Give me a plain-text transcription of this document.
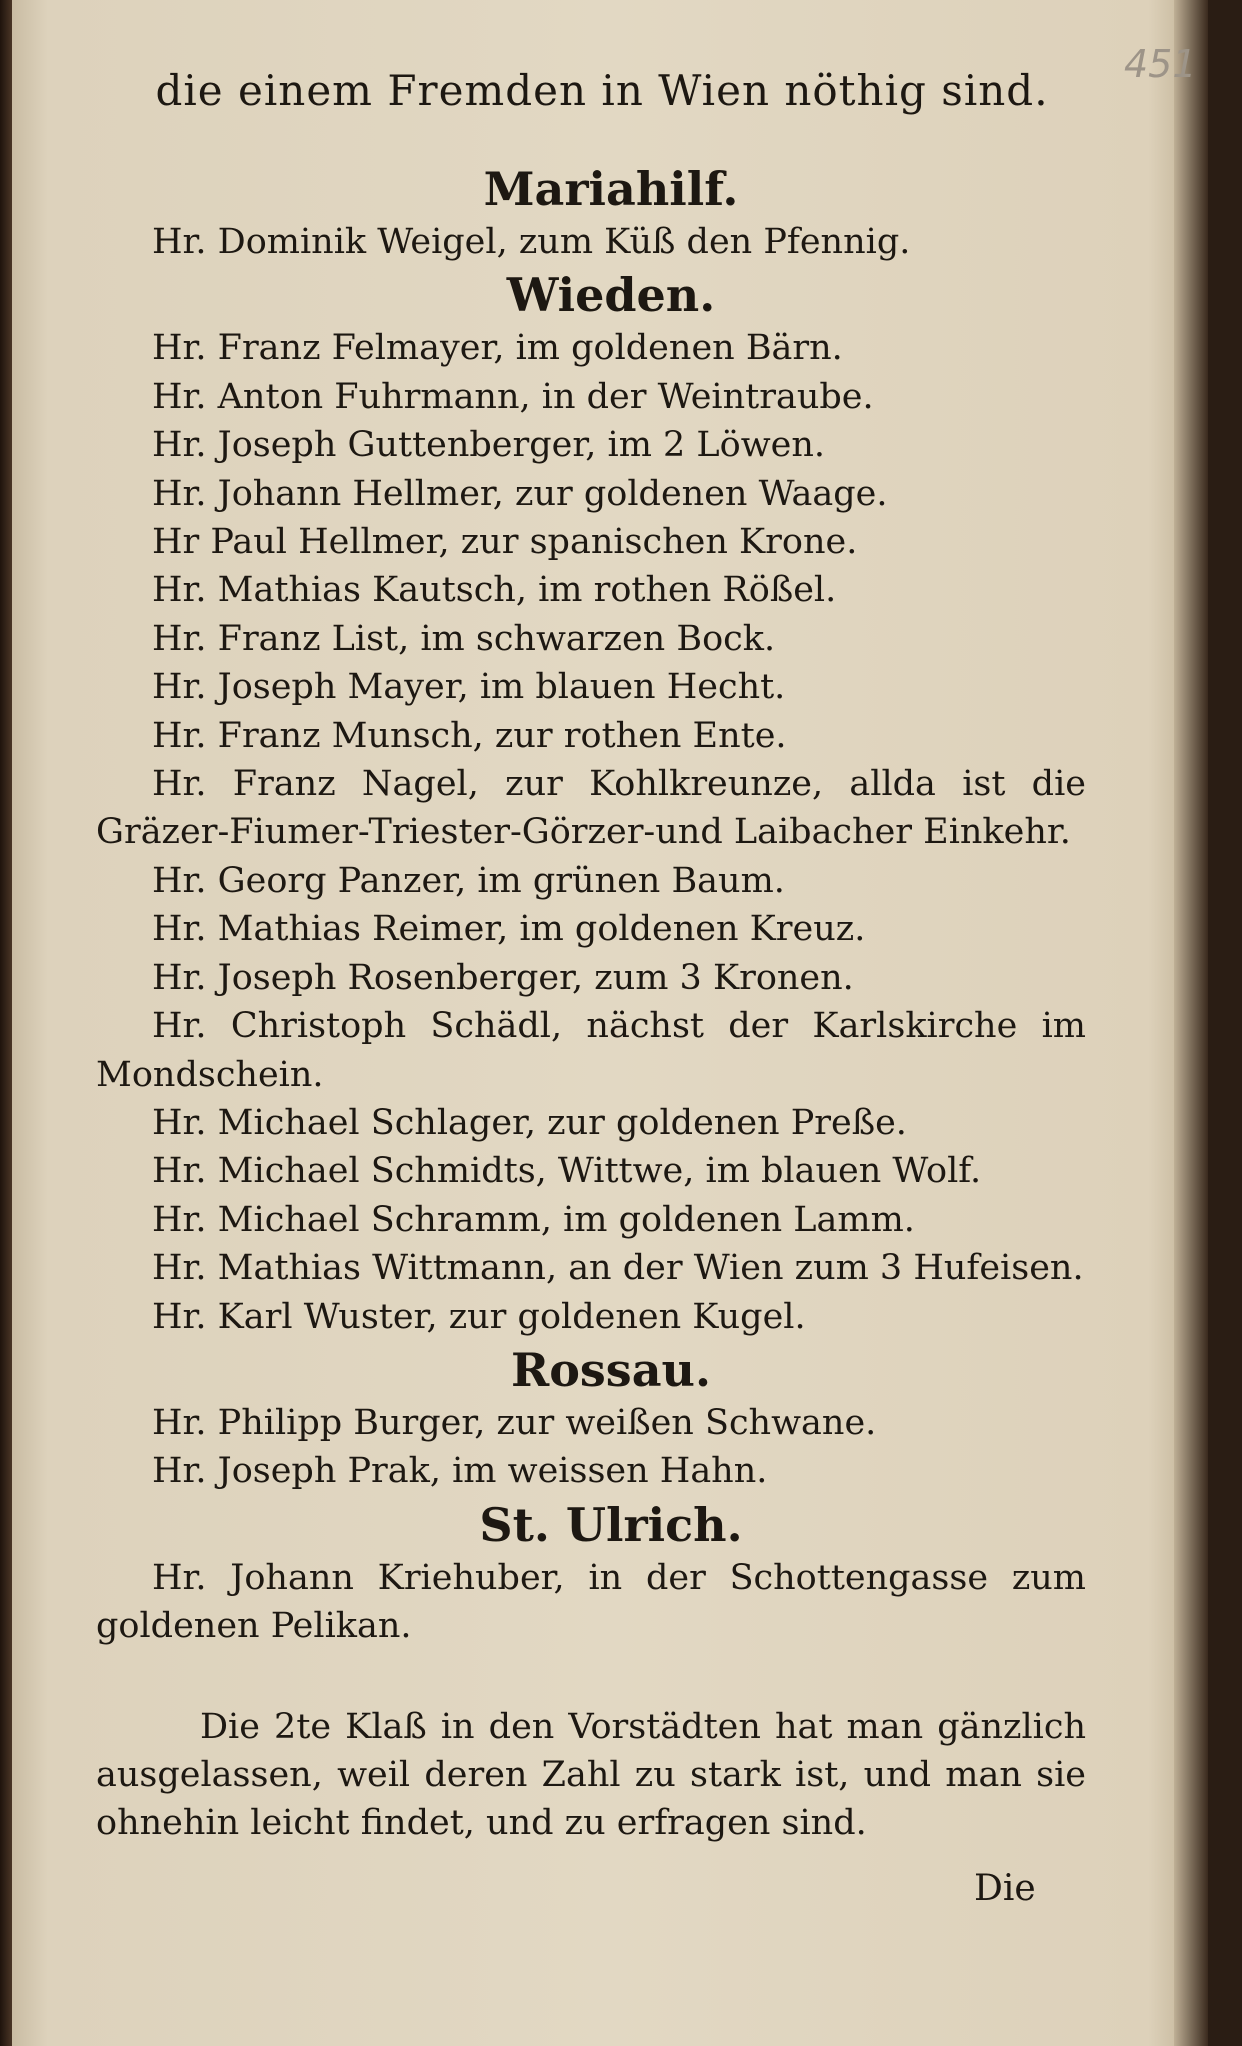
451
die einem Fremden in Wien nöthig sind.
Mariahilf.
Hr. Dominik Weigel, zum Küß den Pfennig.
Wieden.
Hr. Franz Felmayer, im goldenen Bärn.
Hr. Anton Fuhrmann, in der Weintraube.
Hr. Joseph Guttenberger, im 2 Löwen.
Hr. Johann Hellmer, zur goldenen Waage.
Hr Paul Hellmer, zur spanischen Krone.
Hr. Mathias Kautsch, im rothen Rößel.
Hr. Franz List, im schwarzen Bock.
Hr. Joseph Mayer, im blauen Hecht.
Hr. Franz Munsch, zur rothen Ente.
Hr. Franz Nagel, zur Kohlkreunze, allda ist die Gräzer-Fiumer-Triester-Görzer-und Laibacher Einkehr.
Hr. Georg Panzer, im grünen Baum.
Hr. Mathias Reimer, im goldenen Kreuz.
Hr. Joseph Rosenberger, zum 3 Kronen.
Hr. Christoph Schädl, nächst der Karlskirche im Mondschein.
Hr. Michael Schlager, zur goldenen Preße.
Hr. Michael Schmidts, Wittwe, im blauen Wolf.
Hr. Michael Schramm, im goldenen Lamm.
Hr. Mathias Wittmann, an der Wien zum 3 Hufeisen.
Hr. Karl Wuster, zur goldenen Kugel.
Rossau.
Hr. Philipp Burger, zur weißen Schwane.
Hr. Joseph Prak, im weissen Hahn.
St. Ulrich.
Hr. Johann Kriehuber, in der Schottengasse zum goldenen Pelikan.
Die 2te Klaß in den Vorstädten hat man gänzlich ausgelassen, weil deren Zahl zu stark ist, und man sie ohnehin leicht findet, und zu erfragen sind.
Die
